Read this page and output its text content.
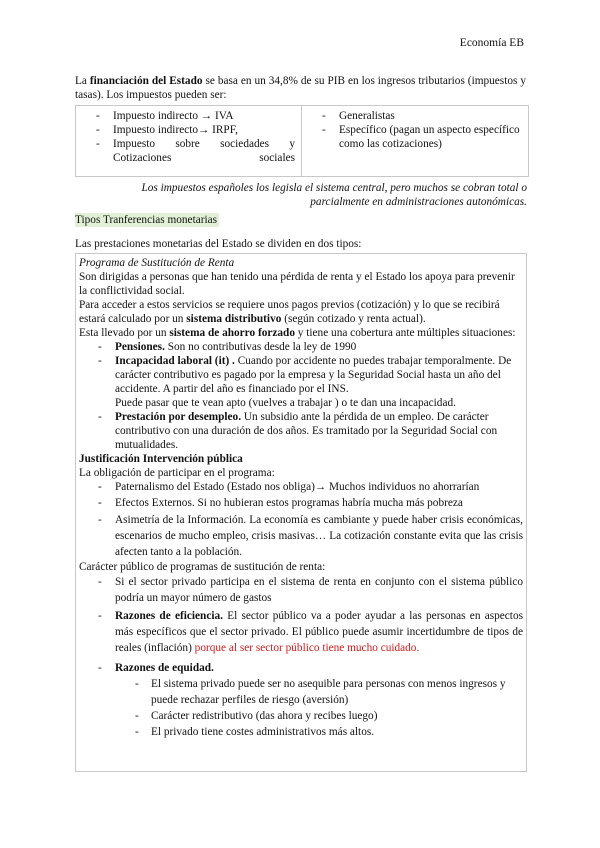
Economía EB
La financiación del Estado se basa en un 34,8% de su PIB en los ingresos tributarios (impuestos y tasas). Los impuestos pueden ser:
- Impuesto indirecto → IVA
- Impuesto indirecto→ IRPF,
- Impuesto sobre sociedades y Cotizaciones sociales
- Generalistas
- Específico (pagan un aspecto específico como las cotizaciones)
Los impuestos españoles los legisla el sistema central, pero muchos se cobran total o parcialmente en administraciones autonómicas.
Tipos Tranferencias monetarias
Las prestaciones monetarias del Estado se dividen en dos tipos:
Programa de Sustitución de Renta
Son dirigidas a personas que han tenido una pérdida de renta y el Estado los apoya para prevenir la conflictividad social.
Para acceder a estos servicios se requiere unos pagos previos (cotización) y lo que se recibirá estará calculado por un sistema distributivo (según cotizado y renta actual).
Esta llevado por un sistema de ahorro forzado y tiene una cobertura ante múltiples situaciones:
- Pensiones. Son no contributivas desde la ley de 1990
- Incapacidad laboral (it) . Cuando por accidente no puedes trabajar temporalmente. De carácter contributivo es pagado por la empresa y la Seguridad Social hasta un año del accidente. A partir del año es financiado por el INS.
Puede pasar que te vean apto (vuelves a trabajar ) o te dan una incapacidad.
- Prestación por desempleo. Un subsidio ante la pérdida de un empleo. De carácter contributivo con una duración de dos años. Es tramitado por la Seguridad Social con mutualidades.
Justificación Intervención pública
La obligación de participar en el programa:
- Paternalismo del Estado (Estado nos obliga)→ Muchos individuos no ahorrarían
- Efectos Externos. Si no hubieran estos programas habría mucha más pobreza
- Asimetría de la Información. La economía es cambiante y puede haber crisis económicas, escenarios de mucho empleo, crisis masivas… La cotización constante evita que las crisis afecten tanto a la población.
Carácter público de programas de sustitución de renta:
- Si el sector privado participa en el sistema de renta en conjunto con el sistema público podría un mayor número de gastos
- Razones de eficiencia. El sector público va a poder ayudar a las personas en aspectos más específicos que el sector privado. El público puede asumir incertidumbre de tipos de reales (inflación) porque al ser sector público tiene mucho cuidado.
- Razones de equidad.
- El sistema privado puede ser no asequible para personas con menos ingresos y puede rechazar perfiles de riesgo (aversión)
- Carácter redistributivo (das ahora y recibes luego)
- El privado tiene costes administrativos más altos.
